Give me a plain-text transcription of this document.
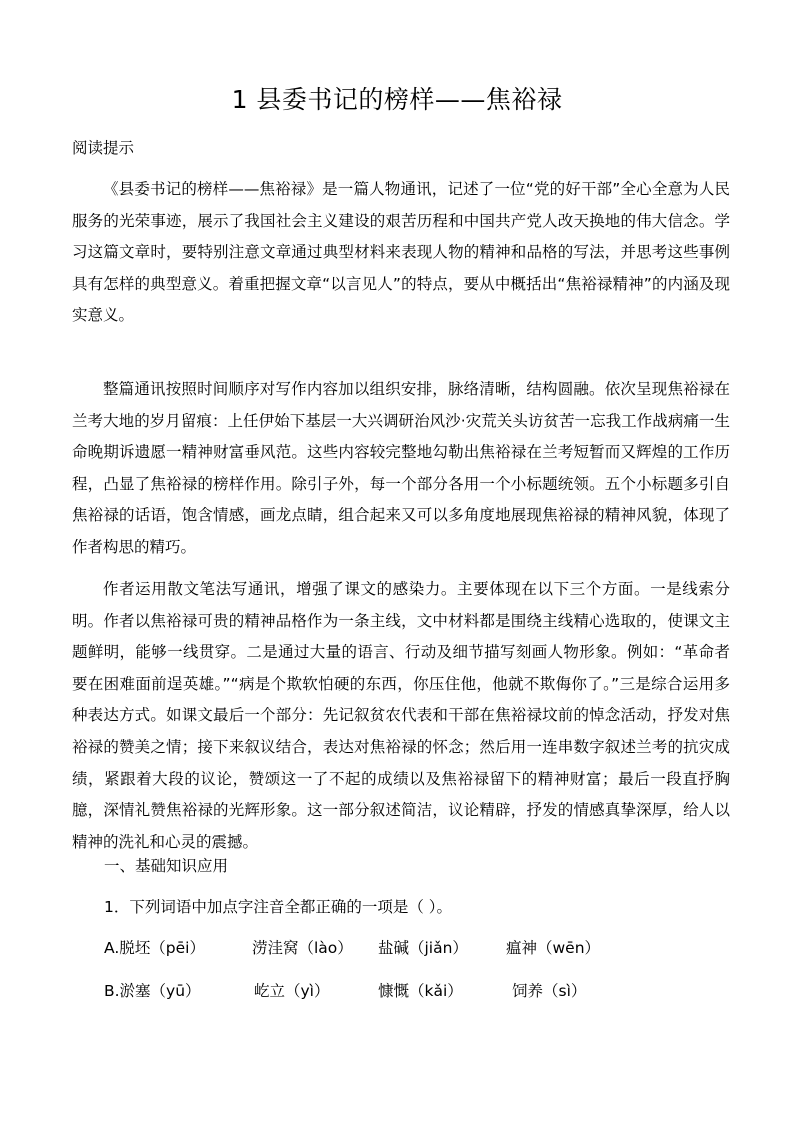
1 县委书记的榜样——焦裕禄
阅读提示

《县委书记的榜样——焦裕禄》是一篇人物通讯，记述了一位“党的好干部”全心全意为人民服务的光荣事迹，展示了我国社会主义建设的艰苦历程和中国共产党人改天换地的伟大信念。学习这篇文章时，要特别注意文章通过典型材料来表现人物的精神和品格的写法，并思考这些事例具有怎样的典型意义。着重把握文章“以言见人”的特点，要从中概括出“焦裕禄精神”的内涵及现实意义。

整篇通讯按照时间顺序对写作内容加以组织安排，脉络清晰，结构圆融。依次呈现焦裕禄在兰考大地的岁月留痕：上任伊始下基层一大兴调研治风沙·灾荒关头访贫苦一忘我工作战病痛一生命晚期诉遗愿一精神财富垂风范。这些内容较完整地勾勒出焦裕禄在兰考短暂而又辉煌的工作历程，凸显了焦裕禄的榜样作用。除引子外，每一个部分各用一个小标题统领。五个小标题多引自焦裕禄的话语，饱含情感，画龙点睛，组合起来又可以多角度地展现焦裕禄的精神风貌，体现了作者构思的精巧。

作者运用散文笔法写通讯，增强了课文的感染力。主要体现在以下三个方面。一是线索分明。作者以焦裕禄可贵的精神品格作为一条主线，文中材料都是围绕主线精心选取的，使课文主题鲜明，能够一线贯穿。二是通过大量的语言、行动及细节描写刻画人物形象。例如：“革命者要在困难面前逞英雄。”“病是个欺软怕硬的东西，你压住他，他就不欺侮你了。”三是综合运用多种表达方式。如课文最后一个部分：先记叙贫农代表和干部在焦裕禄坟前的悼念活动，抒发对焦裕禄的赞美之情；接下来叙议结合，表达对焦裕禄的怀念；然后用一连串数字叙述兰考的抗灾成绩，紧跟着大段的议论，赞颂这一了不起的成绩以及焦裕禄留下的精神财富；最后一段直抒胸臆，深情礼赞焦裕禄的光辉形象。这一部分叙述简洁，议论精辟，抒发的情感真挚深厚，给人以精神的洗礼和心灵的震撼。

一、基础知识应用
1．下列词语中加点字注音全都正确的一项是（ ）。
A.脱坯（pēi）	涝洼窝（lào） 盐碱（jiǎn） 瘟神（wēn）
B.淤塞（yū）	屹立（yì）	慷慨（kǎi）	饲养（sì）
